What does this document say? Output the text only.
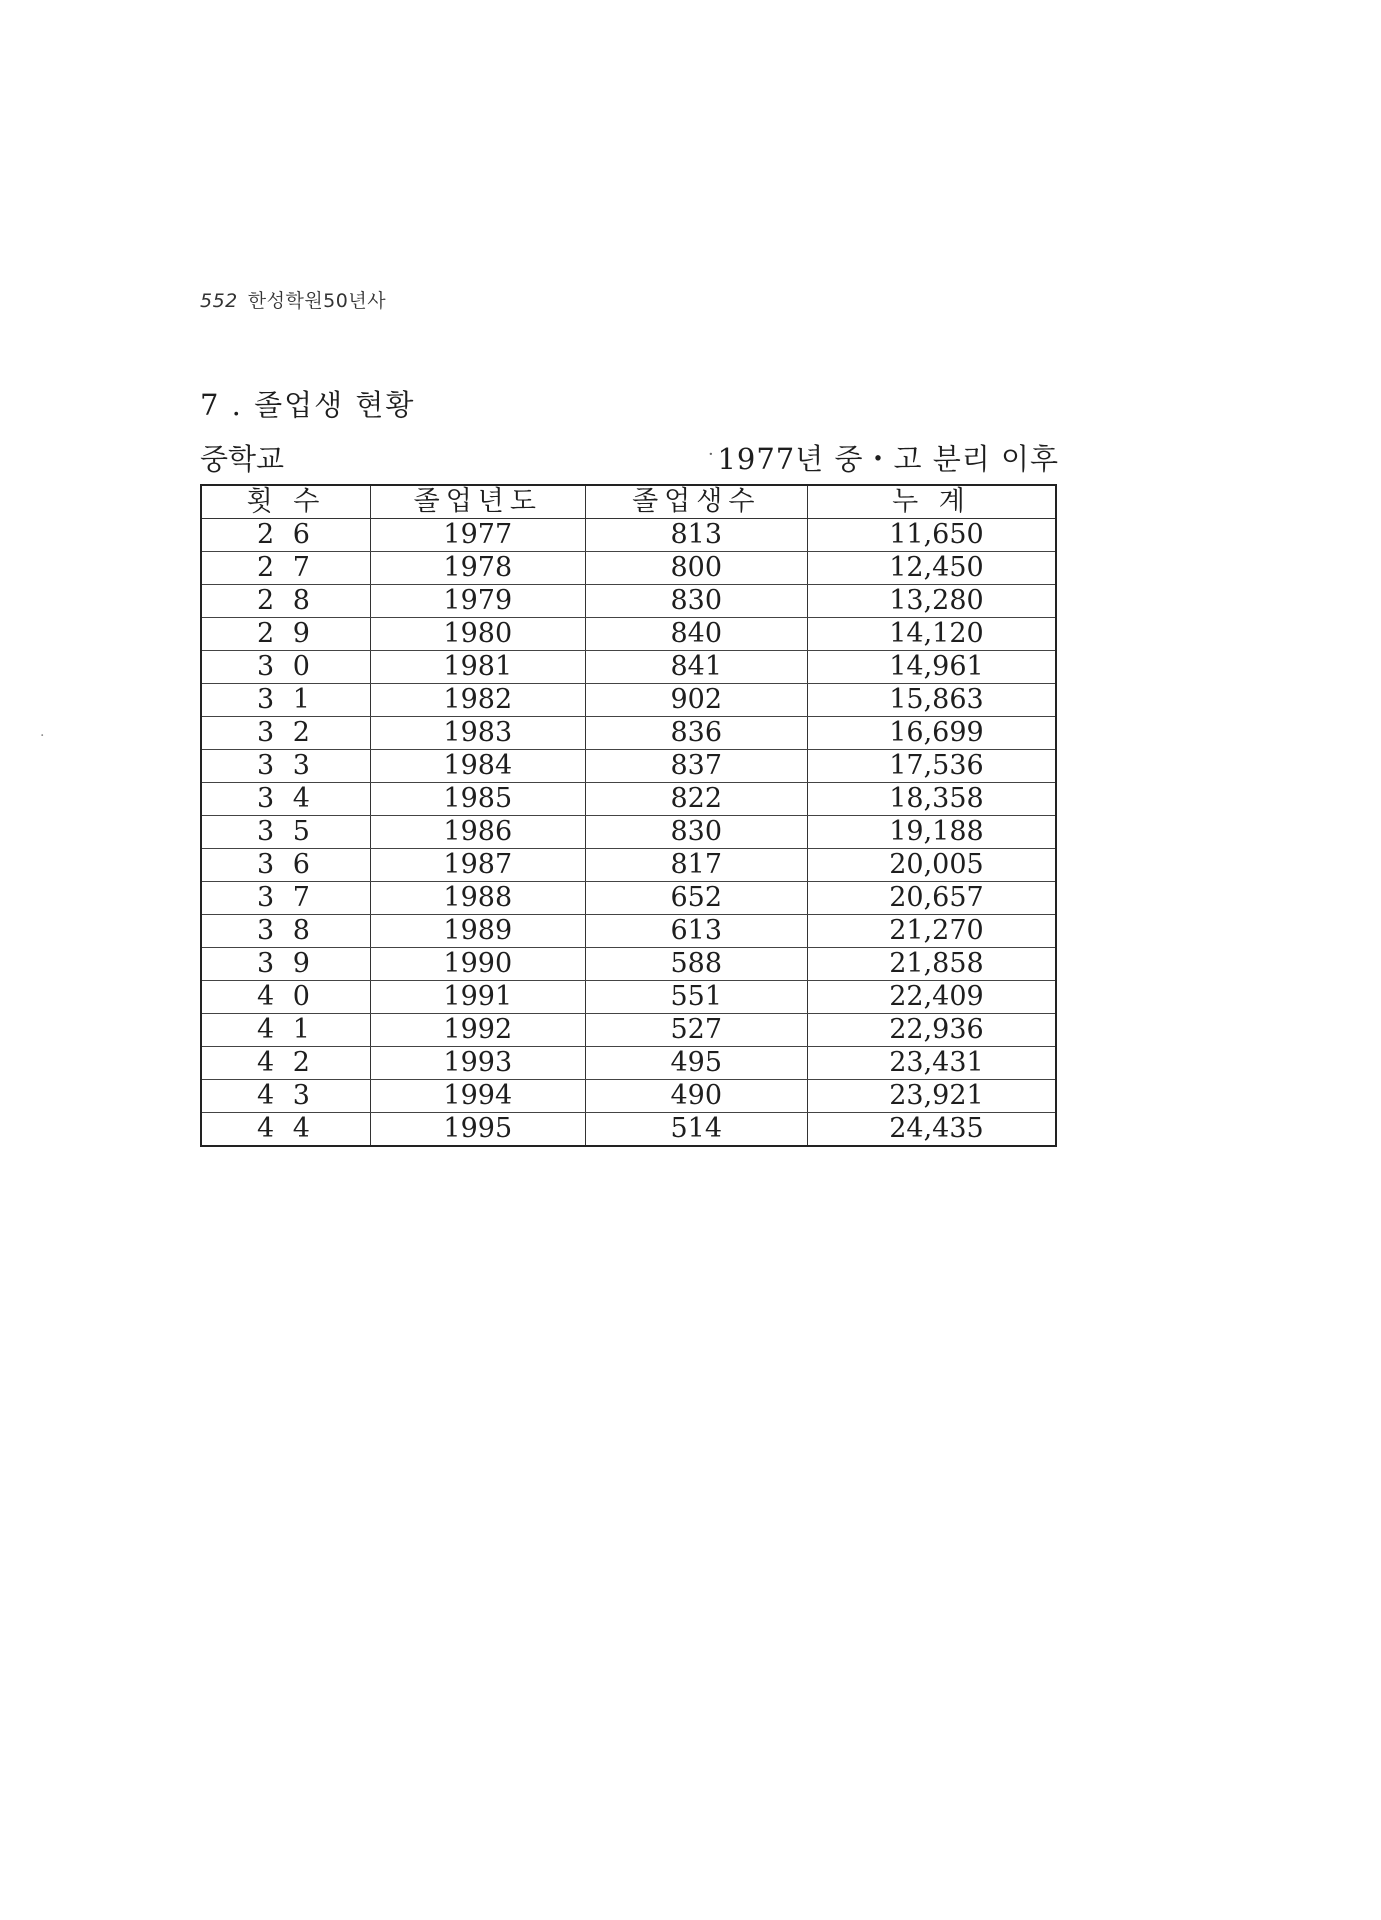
552 한성학원50년사
7 . 졸업생 현황
중학교	· 1977년 중・고 분리 이후
·
횟 수	졸업년도	졸업생수	누 계
2 6	1977	813	11,650
2 7	1978	800	12,450
2 8	1979	830	13,280
2 9	1980	840	14,120
3 0	1981	841	14,961
3 1	1982	902	15,863
3 2	1983	836	16,699
3 3	1984	837	17,536
3 4	1985	822	18,358
3 5	1986	830	19,188
3 6	1987	817	20,005
3 7	1988	652	20,657
3 8	1989	613	21,270
3 9	1990	588	21,858
4 0	1991	551	22,409
4 1	1992	527	22,936
4 2	1993	495	23,431
4 3	1994	490	23,921
4 4	1995	514	24,435
